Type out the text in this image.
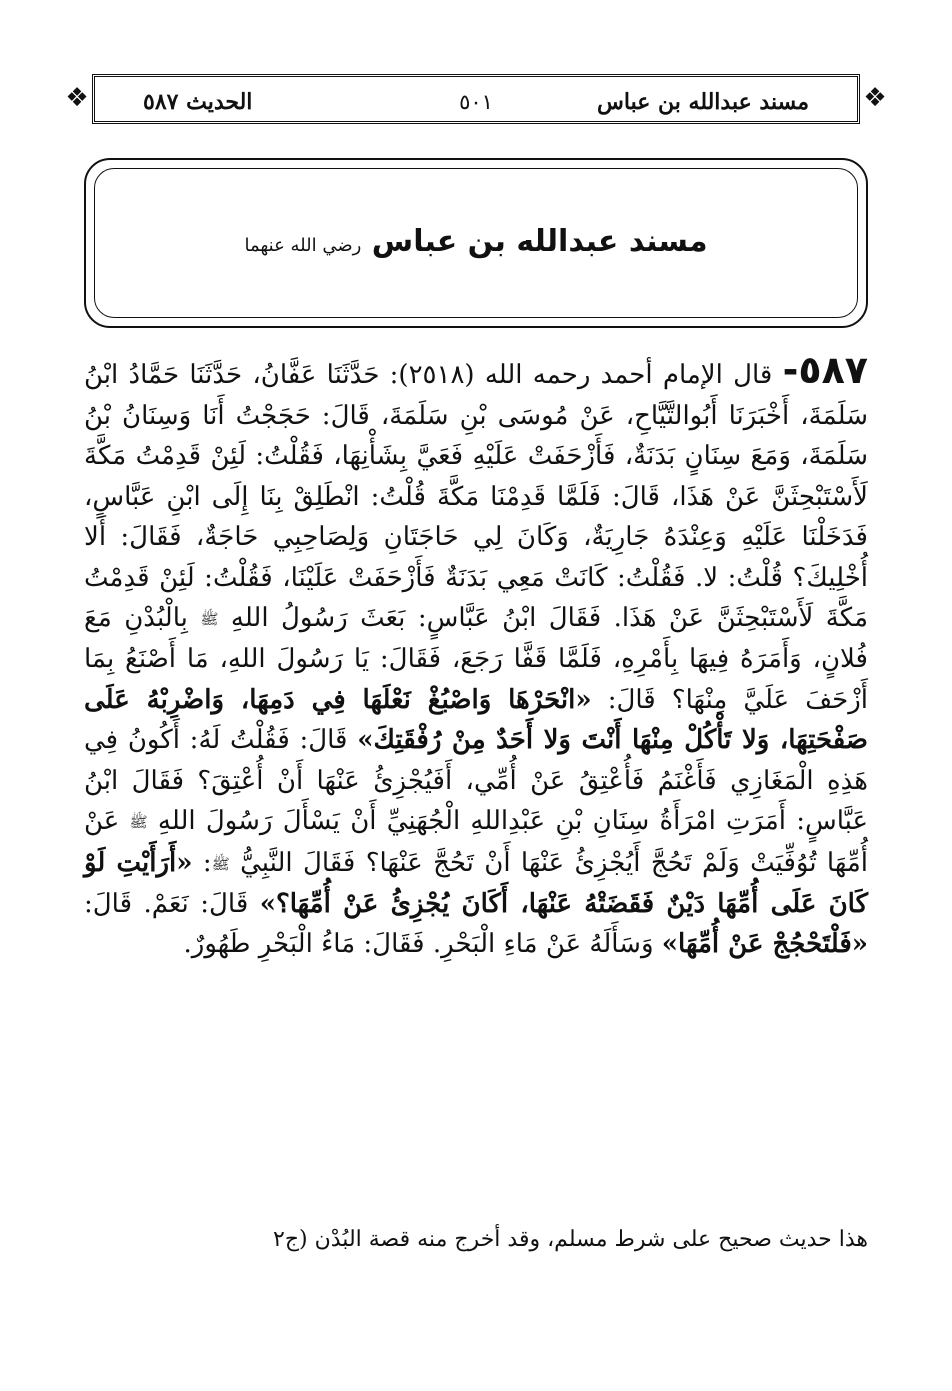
❖
مسند عبدالله بن عباس
٥٠١
الحديث ٥٨٧
❖
مسند عبدالله بن عباس رضي الله عنهما
٥٨٧- قال الإمام أحمد رحمه الله (٢٥١٨): حَدَّثَنَا عَفَّانُ، حَدَّثَنَا حَمَّادُ ابْنُ سَلَمَةَ، أَخْبَرَنَا أَبُوالتَّيَّاحِ، عَنْ مُوسَى بْنِ سَلَمَةَ، قَالَ: حَجَجْتُ أَنَا وَسِنَانُ بْنُ سَلَمَةَ، وَمَعَ سِنَانٍ بَدَنَةٌ، فَأَزْحَفَتْ عَلَيْهِ فَعَيَّ بِشَأْنِهَا، فَقُلْتُ: لَئِنْ قَدِمْتُ مَكَّةَ لَأَسْتَبْحِثَنَّ عَنْ هَذَا، قَالَ: فَلَمَّا قَدِمْنَا مَكَّةَ قُلْتُ: انْطَلِقْ بِنَا إِلَى ابْنِ عَبَّاسٍ، فَدَخَلْنَا عَلَيْهِ وَعِنْدَهُ جَارِيَةٌ، وَكَانَ لِي حَاجَتَانِ وَلِصَاحِبِي حَاجَةٌ، فَقَالَ: أَلا أُخْلِيكَ؟ قُلْتُ: لا. فَقُلْتُ: كَانَتْ مَعِي بَدَنَةٌ فَأَزْحَفَتْ عَلَيْنَا، فَقُلْتُ: لَئِنْ قَدِمْتُ مَكَّةَ لَأَسْتَبْحِثَنَّ عَنْ هَذَا. فَقَالَ ابْنُ عَبَّاسٍ: بَعَثَ رَسُولُ اللهِ ﷺ بِالْبُدْنِ مَعَ فُلانٍ، وَأَمَرَهُ فِيهَا بِأَمْرِهِ، فَلَمَّا قَفَّا رَجَعَ، فَقَالَ: يَا رَسُولَ اللهِ، مَا أَصْنَعُ بِمَا أَزْحَفَ عَلَيَّ مِنْهَا؟ قَالَ: «انْحَرْهَا وَاصْبُغْ نَعْلَهَا فِي دَمِهَا، وَاضْرِبْهُ عَلَى صَفْحَتِهَا، وَلا تَأْكُلْ مِنْهَا أَنْتَ وَلا أَحَدٌ مِنْ رُفْقَتِكَ» قَالَ: فَقُلْتُ لَهُ: أَكُونُ فِي هَذِهِ الْمَغَازِي فَأَغْنَمُ فَأُعْتِقُ عَنْ أُمِّي، أَفَيُجْزِئُ عَنْهَا أَنْ أُعْتِقَ؟ فَقَالَ ابْنُ عَبَّاسٍ: أَمَرَتِ امْرَأَةُ سِنَانِ بْنِ عَبْدِاللهِ الْجُهَنِيِّ أَنْ يَسْأَلَ رَسُولَ اللهِ ﷺ عَنْ أُمِّهَا تُوُفِّيَتْ وَلَمْ تَحُجَّ أَيُجْزِئُ عَنْهَا أَنْ تَحُجَّ عَنْهَا؟ فَقَالَ النَّبِيُّ ﷺ: «أَرَأَيْتِ لَوْ كَانَ عَلَى أُمِّهَا دَيْنٌ فَقَضَتْهُ عَنْهَا، أَكَانَ يُجْزِئُ عَنْ أُمِّهَا؟» قَالَ: نَعَمْ. قَالَ: «فَلْتَحْجُجْ عَنْ أُمِّهَا» وَسَأَلَهُ عَنْ مَاءِ الْبَحْرِ. فَقَالَ: مَاءُ الْبَحْرِ طَهُورٌ.
هذا حديث صحيح على شرط مسلم، وقد أخرج منه قصة البُدْن (ج٢
